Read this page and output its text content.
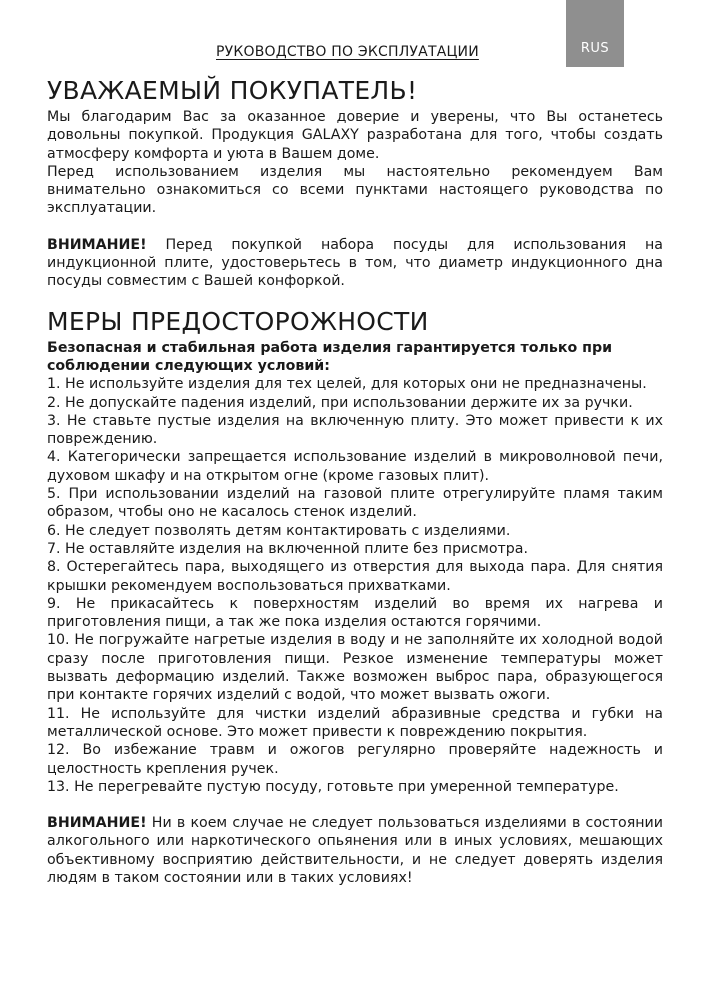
RUS
РУКОВОДСТВО ПО ЭКСПЛУАТАЦИИ
УВАЖАЕМЫЙ ПОКУПАТЕЛЬ!

Мы благодарим Вас за оказанное доверие и уверены, что Вы останетесь довольны покупкой. Продукция GALAXY разработана для того, чтобы создать атмосферу комфорта и уюта в Вашем доме.

Перед использованием изделия мы настоятельно рекомендуем Вам внимательно ознакомиться со всеми пунктами настоящего руководства по эксплуатации.

ВНИМАНИЕ! Перед покупкой набора посуды для использования на индукционной плите, удостоверьтесь в том, что диаметр индукционного дна посуды совместим с Вашей конфоркой.

МЕРЫ ПРЕДОСТОРОЖНОСТИ

Безопасная и стабильная работа изделия гарантируется только при соблюдении следующих условий:

1. Не используйте изделия для тех целей, для которых они не предназначены.
2. Не допускайте падения изделий, при использовании держите их за ручки.
3. Не ставьте пустые изделия на включенную плиту. Это может привести к их повреждению.
4. Категорически запрещается использование изделий в микроволновой печи, духовом шкафу и на открытом огне (кроме газовых плит).
5. При использовании изделий на газовой плите отрегулируйте пламя таким образом, чтобы оно не касалось стенок изделий.
6. Не следует позволять детям контактировать с изделиями.
7. Не оставляйте изделия на включенной плите без присмотра.
8. Остерегайтесь пара, выходящего из отверстия для выхода пара. Для снятия крышки рекомендуем воспользоваться прихватками.
9. Не прикасайтесь к поверхностям изделий во время их нагрева и приготовления пищи, а так же пока изделия остаются горячими.
10. Не погружайте нагретые изделия в воду и не заполняйте их холодной водой сразу после приготовления пищи. Резкое изменение температуры может вызвать деформацию изделий. Также возможен выброс пара, образующегося при контакте горячих изделий с водой, что может вызвать ожоги.
11. Не используйте для чистки изделий абразивные средства и губки на металлической основе. Это может привести к повреждению покрытия.
12. Во избежание травм и ожогов регулярно проверяйте надежность и целостность крепления ручек.
13. Не перегревайте пустую посуду, готовьте при умеренной температуре.

ВНИМАНИЕ! Ни в коем случае не следует пользоваться изделиями в состоянии алкогольного или наркотического опьянения или в иных условиях, мешающих объективному восприятию действительности, и не следует доверять изделия людям в таком состоянии или в таких условиях!
